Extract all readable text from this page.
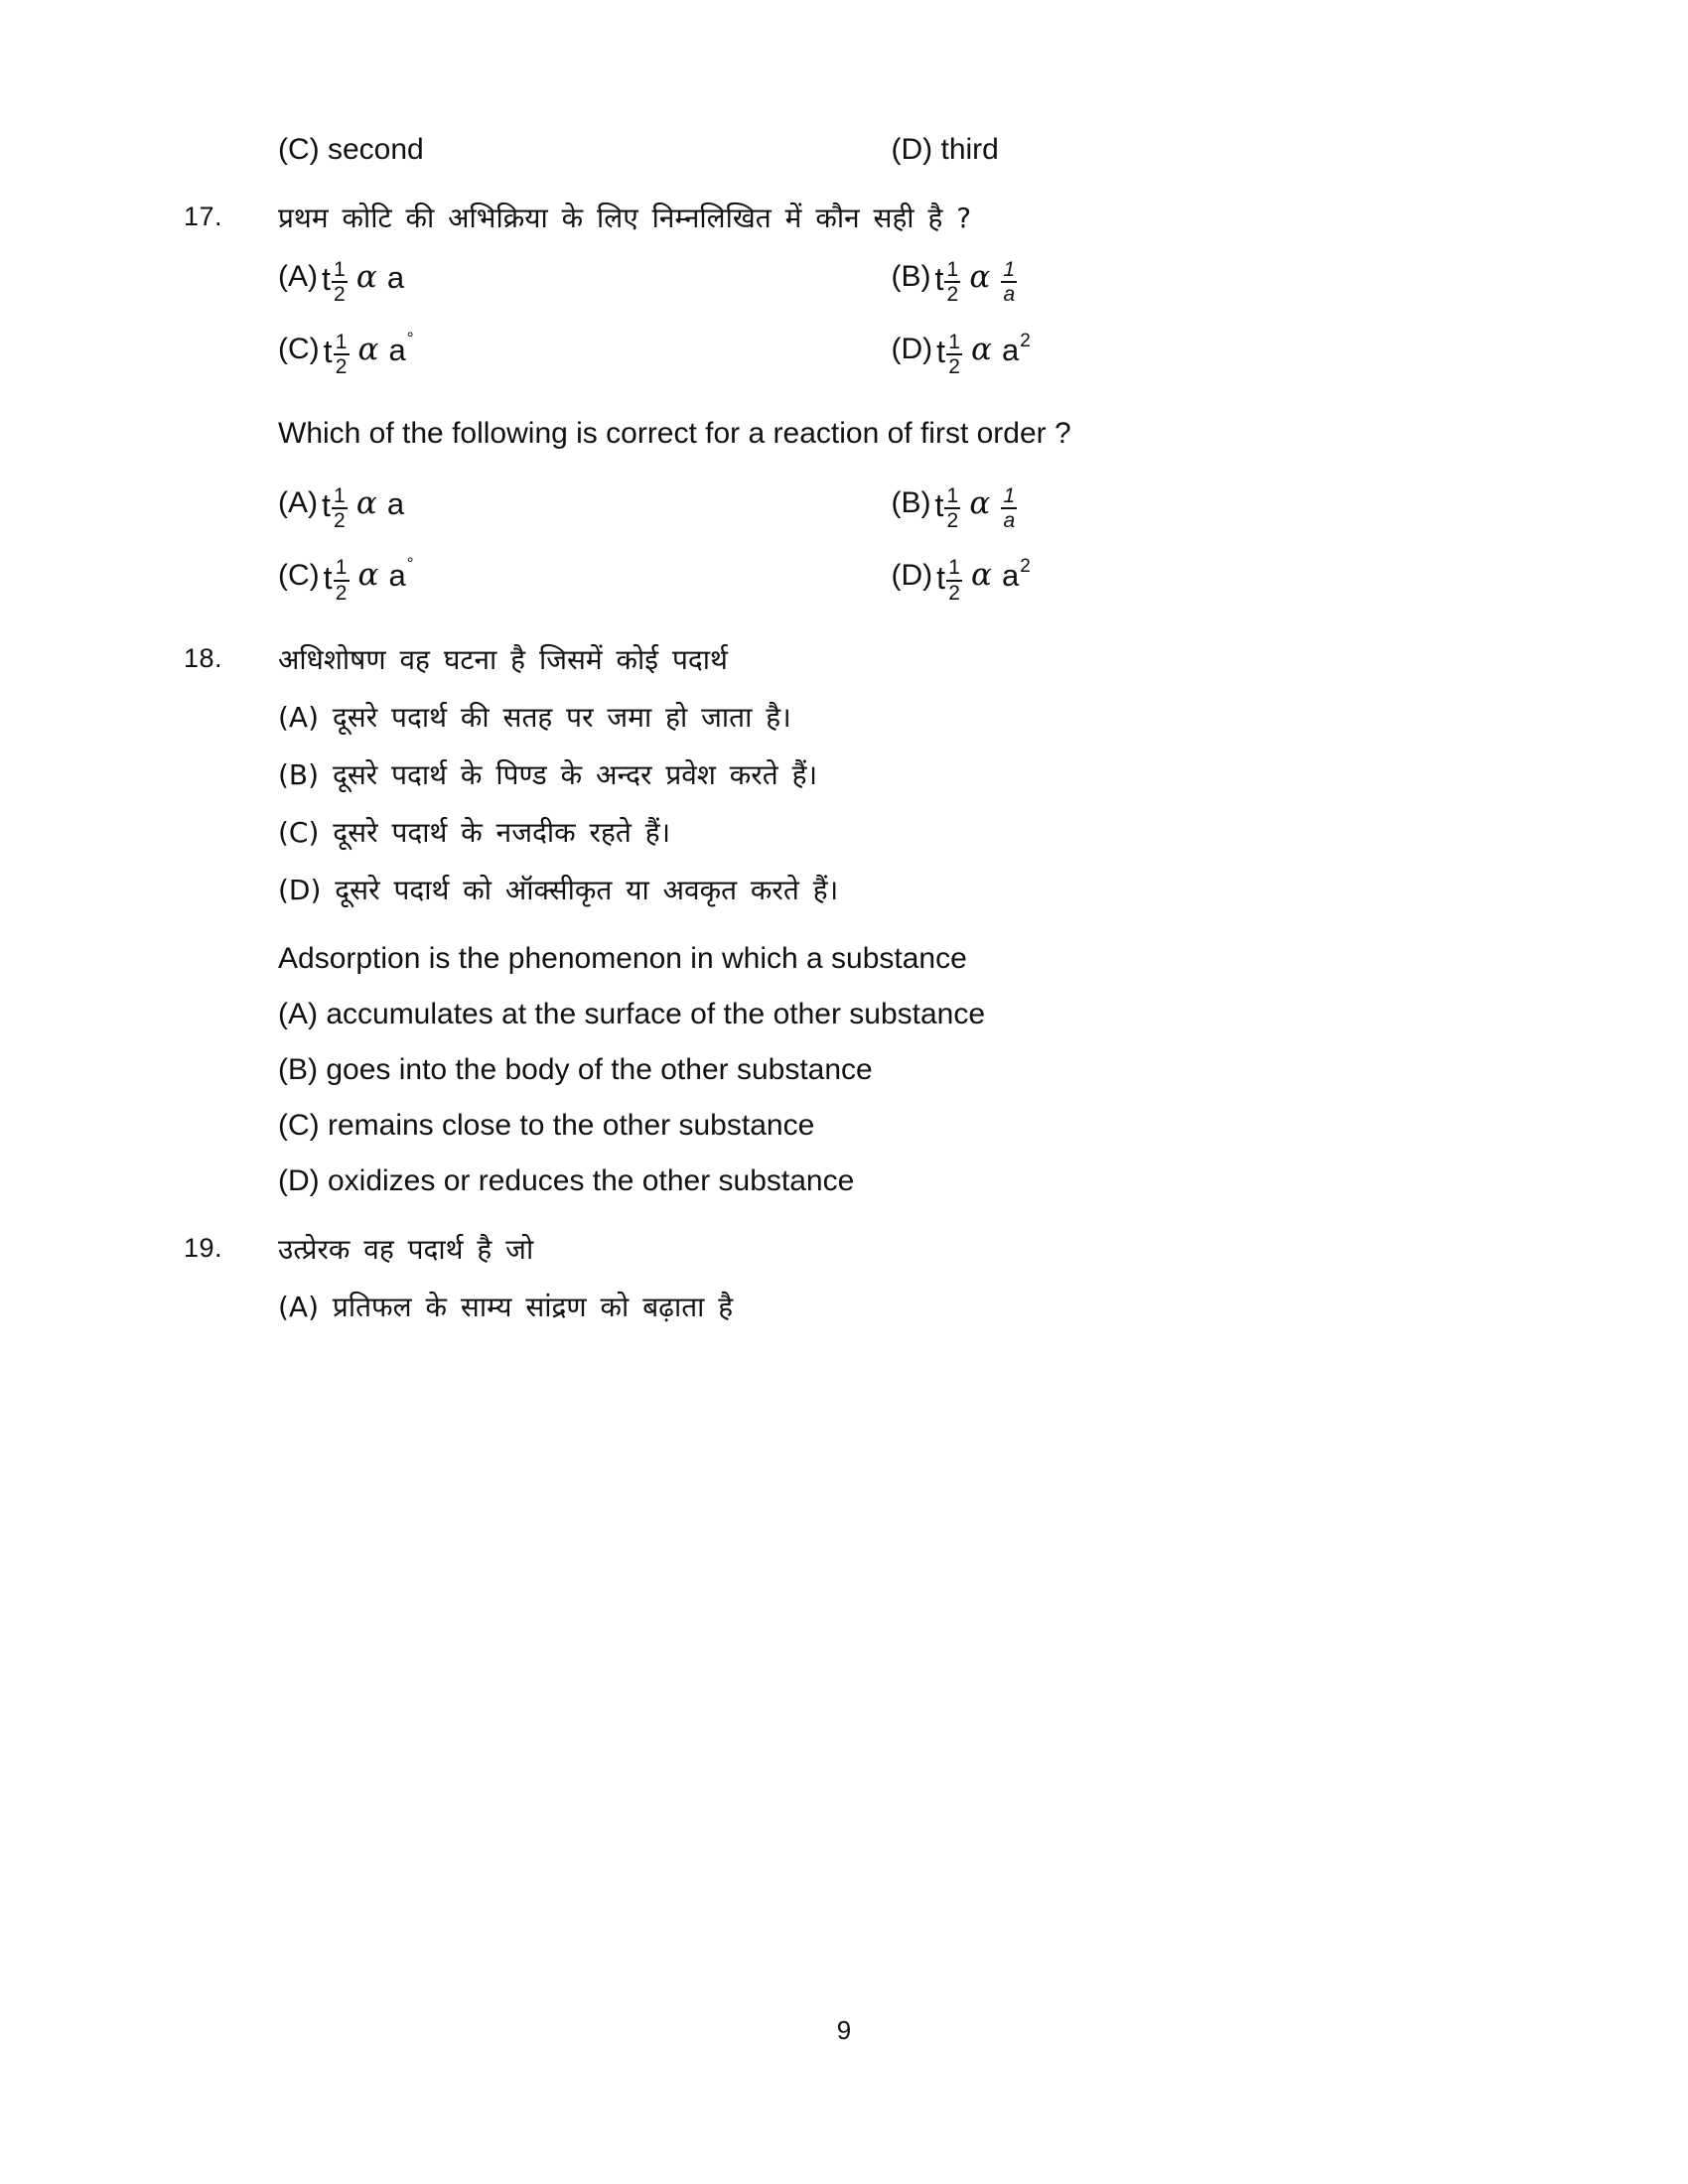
(C) second	(D) third
17.	प्रथम कोटि की अभिक्रिया के लिए निम्नलिखित में कौन सही है ?
(A) t $\frac{1}{2}$ α a	(B) t $\frac{1}{2}$ α $\frac{1}{a}$
(C) t $\frac{1}{2}$ α a °	(D) t $\frac{1}{2}$ α a 2
Which of the following is correct for a reaction of first order ?
(A) t $\frac{1}{2}$ α a	(B) t $\frac{1}{2}$ α $\frac{1}{a}$
(C) t $\frac{1}{2}$ α a °	(D) t $\frac{1}{2}$ α a 2
18.	अधिशोषण वह घटना है जिसमें कोई पदार्थ
(A) दूसरे पदार्थ की सतह पर जमा हो जाता है।
(B) दूसरे पदार्थ के पिण्ड के अन्दर प्रवेश करते हैं।
(C) दूसरे पदार्थ के नजदीक रहते हैं।
(D) दूसरे पदार्थ को ऑक्सीकृत या अवकृत करते हैं।
Adsorption is the phenomenon in which a substance
(A) accumulates at the surface of the other substance
(B) goes into the body of the other substance
(C) remains close to the other substance
(D) oxidizes or reduces the other substance
19.	उत्प्रेरक वह पदार्थ है जो
(A) प्रतिफल के साम्य सांद्रण को बढ़ाता है
9
